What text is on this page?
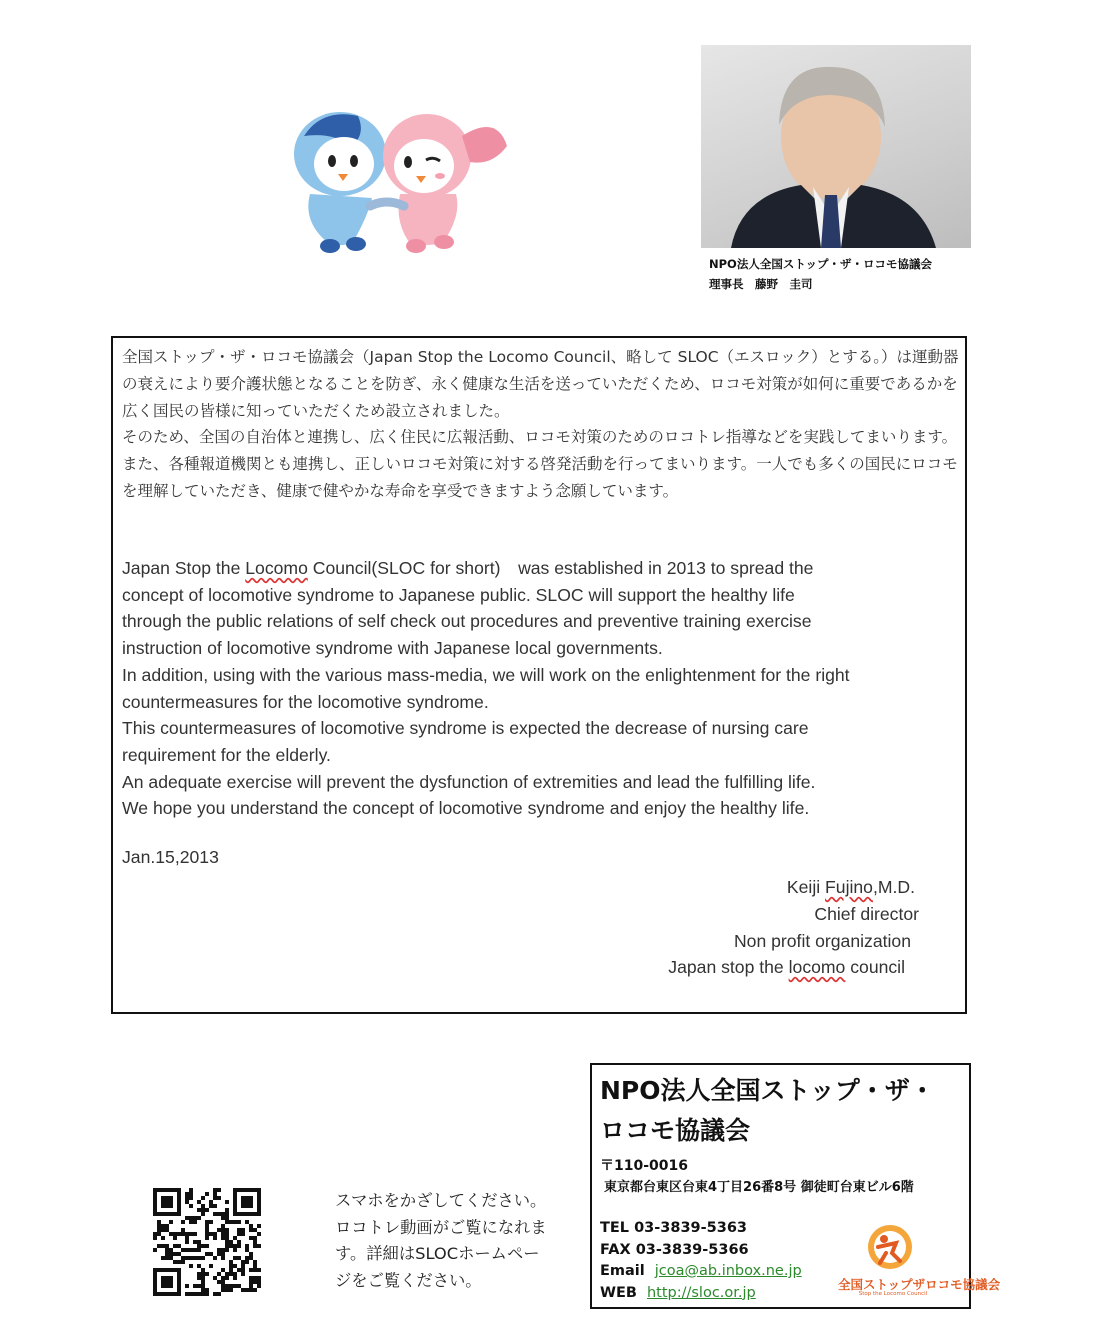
NPO法人全国ストップ・ザ・ロコモ協議会
理事長　藤野　圭司

全国ストップ・ザ・ロコモ協議会（Japan Stop the Locomo Council、略して SLOC（エスロック）とする。）は運動器の衰えにより要介護状態となることを防ぎ、永く健康な生活を送っていただくため、ロコモ対策が如何に重要であるかを広く国民の皆様に知っていただくため設立されました。

そのため、全国の自治体と連携し、広く住民に広報活動、ロコモ対策のためのロコトレ指導などを実践してまいります。

また、各種報道機関とも連携し、正しいロコモ対策に対する啓発活動を行ってまいります。一人でも多くの国民にロコモを理解していただき、健康で健やかな寿命を享受できますよう念願しています。

Japan Stop the Locomo Council(SLOC for short)　was established in 2013 to spread the

concept of locomotive syndrome to Japanese public. SLOC will support the healthy life

through the public relations of self check out procedures and preventive training exercise

instruction of locomotive syndrome with Japanese local governments.

In addition, using with the various mass-media, we will work on the enlightenment for the right

countermeasures for the locomotive syndrome.

This countermeasures of locomotive syndrome is expected the decrease of nursing care

requirement for the elderly.

An adequate exercise will prevent the dysfunction of extremities and lead the fulfilling life.

We hope you understand the concept of locomotive syndrome and enjoy the healthy life.

Jan.15,2013
Keiji Fujino,M.D.
Chief director
Non profit organization
Japan stop the locomo council

スマホをかざしてください。ロコトレ動画がご覧になれます。詳細はSLOCホームページをご覧ください。

NPO法人全国ストップ・ザ・
ロコモ協議会
〒110-0016
東京都台東区台東4丁目26番8号 御徒町台東ビル6階
TEL 03-3839-5363
FAX 03-3839-5366
Email jcoa@ab.inbox.ne.jp
WEB http://sloc.or.jp	全国ストップザロコモ協議会
Stop the Locomo Council
